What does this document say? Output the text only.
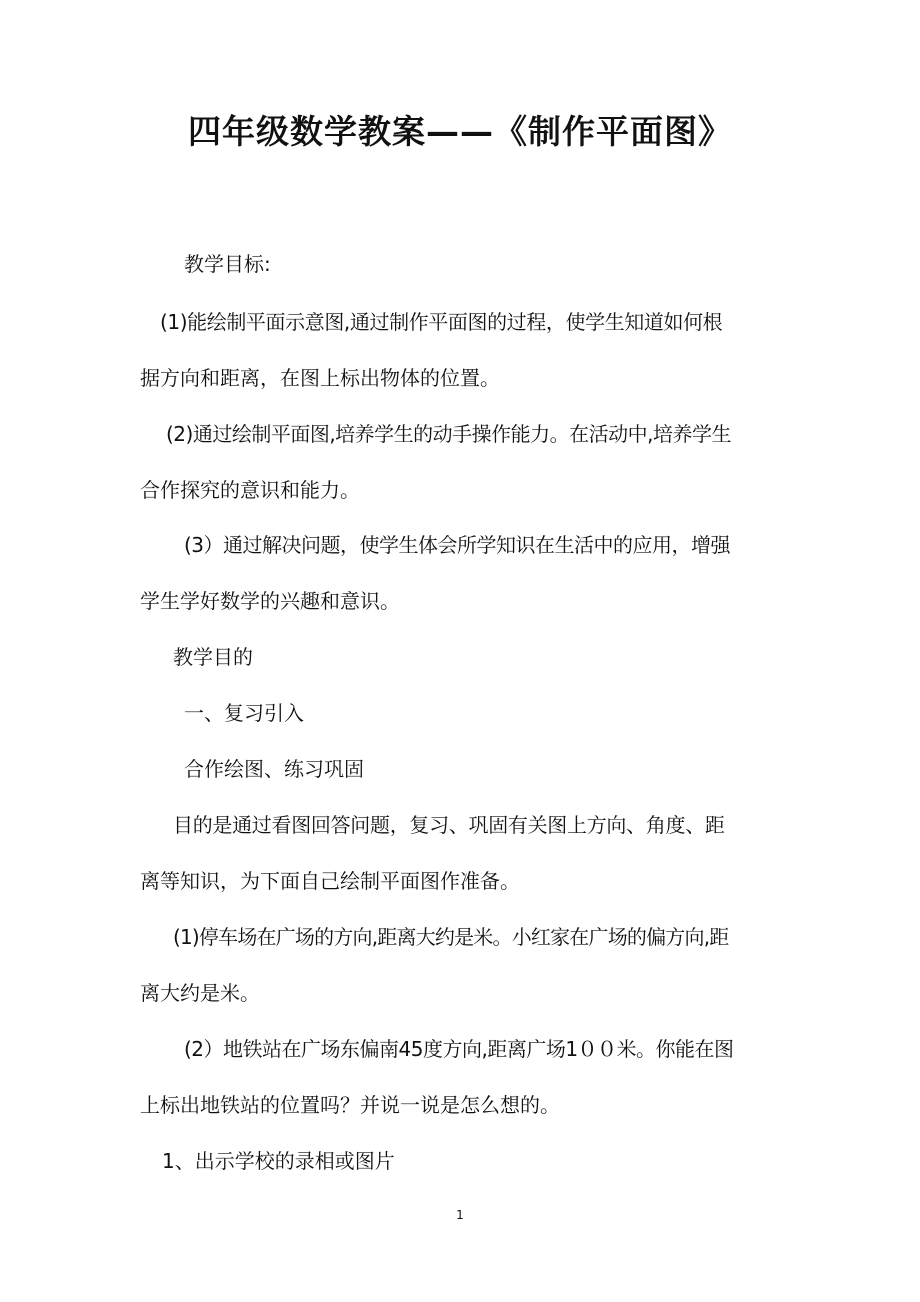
四年级数学教案——《制作平面图》

教学目标:

(1)能绘制平面示意图,通过制作平面图的过程，使学生知道如何根

据方向和距离，在图上标出物体的位置。

(2)通过绘制平面图,培养学生的动手操作能力。在活动中,培养学生

合作探究的意识和能力。

(3）通过解决问题，使学生体会所学知识在生活中的应用，增强

学生学好数学的兴趣和意识。

教学目的

一、复习引入

合作绘图、练习巩固

目的是通过看图回答问题，复习、巩固有关图上方向、角度、距

离等知识，为下面自己绘制平面图作准备。

(1)停车场在广场的方向,距离大约是米。小红家在广场的偏方向,距

离大约是米。

(2）地铁站在广场东偏南45度方向,距离广场1００米。你能在图

上标出地铁站的位置吗？并说一说是怎么想的。

1、出示学校的录相或图片

1
